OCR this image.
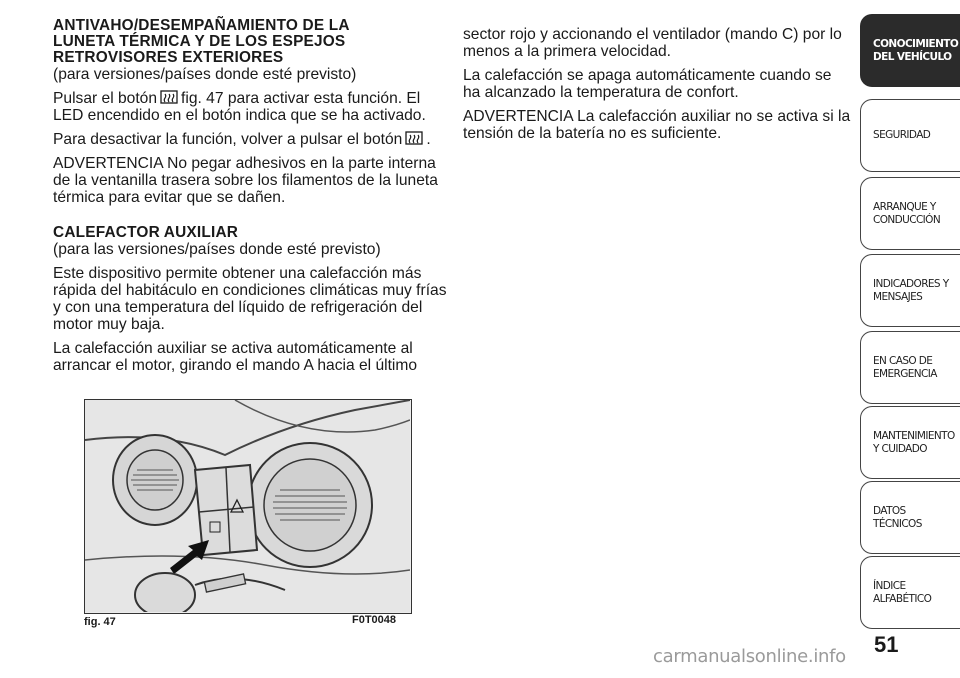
ANTIVAHO/DESEMPAÑAMIENTO DE LA
LUNETA TÉRMICA Y DE LOS ESPEJOS
RETROVISORES EXTERIORES

(para versiones/países donde esté previsto)

Pulsar el botón fig. 47 para activar esta función. El LED encendido en el botón indica que se ha activado.

Para desactivar la función, volver a pulsar el botón .

ADVERTENCIA No pegar adhesivos en la parte interna de la ventanilla trasera sobre los filamentos de la luneta térmica para evitar que se dañen.

CALEFACTOR AUXILIAR

(para las versiones/países donde esté previsto)

Este dispositivo permite obtener una calefacción más rápida del habitáculo en condiciones climáticas muy frías y con una temperatura del líquido de refrigeración del motor muy baja.

La calefacción auxiliar se activa automáticamente al arrancar el motor, girando el mando A hacia el último

sector rojo y accionando el ventilador (mando C) por lo menos a la primera velocidad.

La calefacción se apaga automáticamente cuando se ha alcanzado la temperatura de confort.

ADVERTENCIA La calefacción auxiliar no se activa si la tensión de la batería no es suficiente.

fig. 47	F0T0048
CONOCIMIENTO DEL VEHÍCULO
SEGURIDAD
ARRANQUE Y CONDUCCIÓN
INDICADORES Y MENSAJES
EN CASO DE EMERGENCIA
MANTENIMIENTO Y CUIDADO
DATOS TÉCNICOS
ÍNDICE ALFABÉTICO
51
carmanualsonline.info
